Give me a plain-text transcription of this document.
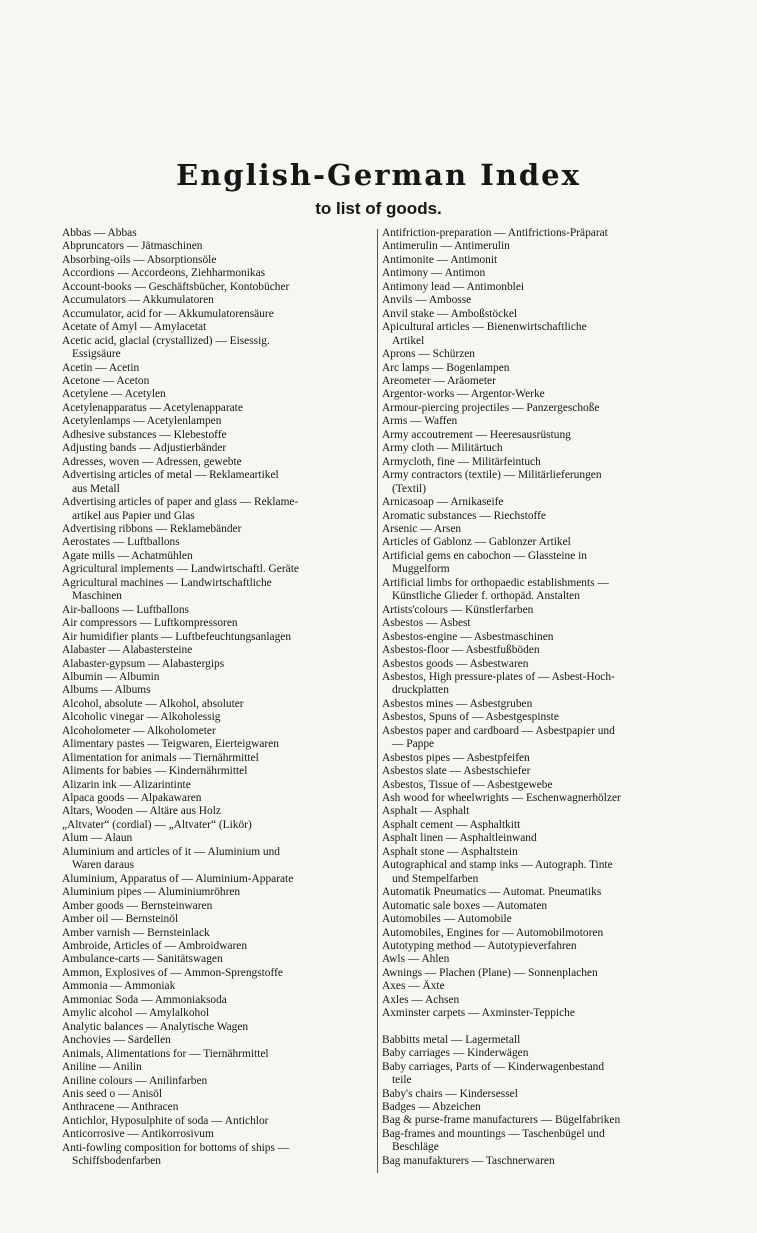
English-German Index
to list of goods.
Abbas — Abbas
Abpruncators — Jätmaschinen
Absorbing-oils — Absorptionsöle
Accordions — Accordeons, Ziehharmonikas
Account-books — Geschäftsbücher, Kontobücher
Accumulators — Akkumulatoren
Accumulator, acid for — Akkumulatorensäure
Acetate of Amyl — Amylacetat
Acetic acid, glacial (crystallized) — Eisessig.
Essigsäure
Acetin — Acetin
Acetone — Aceton
Acetylene — Acetylen
Acetylenapparatus — Acetylenapparate
Acetylenlamps — Acetylenlampen
Adhesive substances — Klebestoffe
Adjusting bands — Adjustierbänder
Adresses, woven — Adressen, gewebte
Advertising articles of metal — Reklameartikel
aus Metall
Advertising articles of paper and glass — Reklame-
artikel aus Papier und Glas
Advertising ribbons — Reklamebänder
Aerostates — Luftballons
Agate mills — Achatmühlen
Agricultural implements — Landwirtschaftl. Geräte
Agricultural machines — Landwirtschaftliche
Maschinen
Air-balloons — Luftballons
Air compressors — Luftkompressoren
Air humidifier plants — Luftbefeuchtungsanlagen
Alabaster — Alabastersteine
Alabaster-gypsum — Alabastergips
Albumin — Albumin
Albums — Albums
Alcohol, absolute — Alkohol, absoluter
Alcoholic vinegar — Alkoholessig
Alcoholometer — Alkoholometer
Alimentary pastes — Teigwaren, Eierteigwaren
Alimentation for animals — Tiernährmittel
Aliments for babies — Kindernährmittel
Alizarin ink — Alizarintinte
Alpaca goods — Alpakawaren
Altars, Wooden — Altäre aus Holz
„Altvater“ (cordial) — „Altvater“ (Likör)
Alum — Alaun
Aluminium and articles of it — Aluminium und
Waren daraus
Aluminium, Apparatus of — Aluminium-Apparate
Aluminium pipes — Aluminiumröhren
Amber goods — Bernsteinwaren
Amber oil — Bernsteinöl
Amber varnish — Bernsteinlack
Ambroide, Articles of — Ambroidwaren
Ambulance-carts — Sanitätswagen
Ammon, Explosives of — Ammon-Sprengstoffe
Ammonia — Ammoniak
Ammoniac Soda — Ammoniaksoda
Amylic alcohol — Amylalkohol
Analytic balances — Analytische Wagen
Anchovies — Sardellen
Animals, Alimentations for — Tiernährmittel
Aniline — Anilin
Aniline colours — Anilinfarben
Anis seed o — Anisöl
Anthracene — Anthracen
Antichlor, Hyposulphite of soda — Antichlor
Anticorrosive — Antikorrosivum
Anti-fowling composition for bottoms of ships —
Schiffsbodenfarben
Antifriction-preparation — Antifrictions-Präparat
Antimerulin — Antimerulin
Antimonite — Antimonit
Antimony — Antimon
Antimony lead — Antimonblei
Anvils — Ambosse
Anvil stake — Amboßstöckel
Apicultural articles — Bienenwirtschaftliche
Artikel
Aprons — Schürzen
Arc lamps — Bogenlampen
Areometer — Aräometer
Argentor-works — Argentor-Werke
Armour-piercing projectiles — Panzergeschoße
Arms — Waffen
Army accoutrement — Heeresausrüstung
Army cloth — Militärtuch
Armycloth, fine — Militärfeintuch
Army contractors (textile) — Militärlieferungen
(Textil)
Arnicasoap — Arnikaseife
Aromatic substances — Riechstoffe
Arsenic — Arsen
Articles of Gablonz — Gablonzer Artikel
Artificial gems en cabochon — Glassteine in
Muggelform
Artificial limbs for orthopaedic establishments —
Künstliche Glieder f. orthopäd. Anstalten
Artists'colours — Künstlerfarben
Asbestos — Asbest
Asbestos-engine — Asbestmaschinen
Asbestos-floor — Asbestfußböden
Asbestos goods — Asbestwaren
Asbestos, High pressure-plates of — Asbest-Hoch-
druckplatten
Asbestos mines — Asbestgruben
Asbestos, Spuns of — Asbestgespinste
Asbestos paper and cardboard — Asbestpapier und
— Pappe
Asbestos pipes — Asbestpfeifen
Asbestos slate — Asbestschiefer
Asbestos, Tissue of — Asbestgewebe
Ash wood for wheelwrights — Eschenwagnerhölzer
Asphalt — Asphalt
Asphalt cement — Asphaltkitt
Asphalt linen — Asphaltleinwand
Asphalt stone — Asphaltstein
Autographical and stamp inks — Autograph. Tinte
und Stempelfarben
Automatik Pneumatics — Automat. Pneumatiks
Automatic sale boxes — Automaten
Automobiles — Automobile
Automobiles, Engines for — Automobilmotoren
Autotyping method — Autotypieverfahren
Awls — Ahlen
Awnings — Plachen (Plane) — Sonnenplachen
Axes — Äxte
Axles — Achsen
Axminster carpets — Axminster-Teppiche
Babbitts metal — Lagermetall
Baby carriages — Kinderwägen
Baby carriages, Parts of — Kinderwagenbestand
teile
Baby's chairs — Kindersessel
Badges — Abzeichen
Bag & purse-frame manufacturers — Bügelfabriken
Bag-frames and mountings — Taschenbügel und
Beschläge
Bag manufakturers — Taschnerwaren
